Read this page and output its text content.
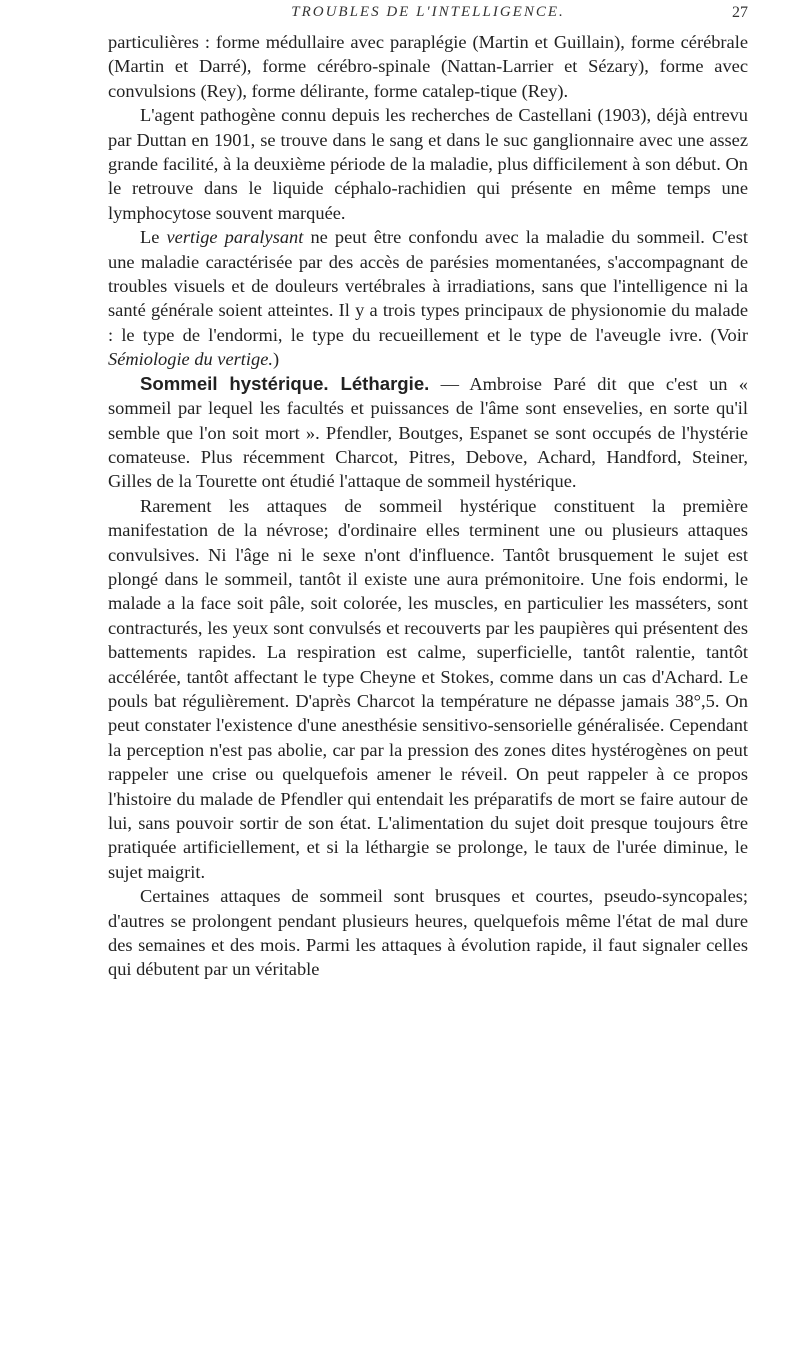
TROUBLES DE L'INTELLIGENCE.	27

particulières : forme médullaire avec paraplégie (Martin et Guillain), forme cérébrale (Martin et Darré), forme cérébro-spinale (Nattan-Larrier et Sézary), forme avec convulsions (Rey), forme délirante, forme catalep-tique (Rey).

L'agent pathogène connu depuis les recherches de Castellani (1903), déjà entrevu par Duttan en 1901, se trouve dans le sang et dans le suc ganglionnaire avec une assez grande facilité, à la deuxième période de la maladie, plus difficilement à son début. On le retrouve dans le liquide céphalo-rachidien qui présente en même temps une lymphocytose souvent marquée.

Le vertige paralysant ne peut être confondu avec la maladie du sommeil. C'est une maladie caractérisée par des accès de parésies momentanées, s'accompagnant de troubles visuels et de douleurs vertébrales à irradiations, sans que l'intelligence ni la santé générale soient atteintes. Il y a trois types principaux de physionomie du malade : le type de l'endormi, le type du recueillement et le type de l'aveugle ivre. (Voir Sémiologie du vertige.)

Sommeil hystérique. Léthargie. — Ambroise Paré dit que c'est un « sommeil par lequel les facultés et puissances de l'âme sont ensevelies, en sorte qu'il semble que l'on soit mort ». Pfendler, Boutges, Espanet se sont occupés de l'hystérie comateuse. Plus récemment Charcot, Pitres, Debove, Achard, Handford, Steiner, Gilles de la Tourette ont étudié l'attaque de sommeil hystérique.

Rarement les attaques de sommeil hystérique constituent la première manifestation de la névrose; d'ordinaire elles terminent une ou plusieurs attaques convulsives. Ni l'âge ni le sexe n'ont d'influence. Tantôt brusquement le sujet est plongé dans le sommeil, tantôt il existe une aura prémonitoire. Une fois endormi, le malade a la face soit pâle, soit colorée, les muscles, en particulier les masséters, sont contracturés, les yeux sont convulsés et recouverts par les paupières qui présentent des battements rapides. La respiration est calme, superficielle, tantôt ralentie, tantôt accélérée, tantôt affectant le type Cheyne et Stokes, comme dans un cas d'Achard. Le pouls bat régulièrement. D'après Charcot la température ne dépasse jamais 38°,5. On peut constater l'existence d'une anesthésie sensitivo-sensorielle généralisée. Cependant la perception n'est pas abolie, car par la pression des zones dites hystérogènes on peut rappeler une crise ou quelquefois amener le réveil. On peut rappeler à ce propos l'histoire du malade de Pfendler qui entendait les préparatifs de mort se faire autour de lui, sans pouvoir sortir de son état. L'alimentation du sujet doit presque toujours être pratiquée artificiellement, et si la léthargie se prolonge, le taux de l'urée diminue, le sujet maigrit.

Certaines attaques de sommeil sont brusques et courtes, pseudo-syncopales; d'autres se prolongent pendant plusieurs heures, quelquefois même l'état de mal dure des semaines et des mois. Parmi les attaques à évolution rapide, il faut signaler celles qui débutent par un véritable
